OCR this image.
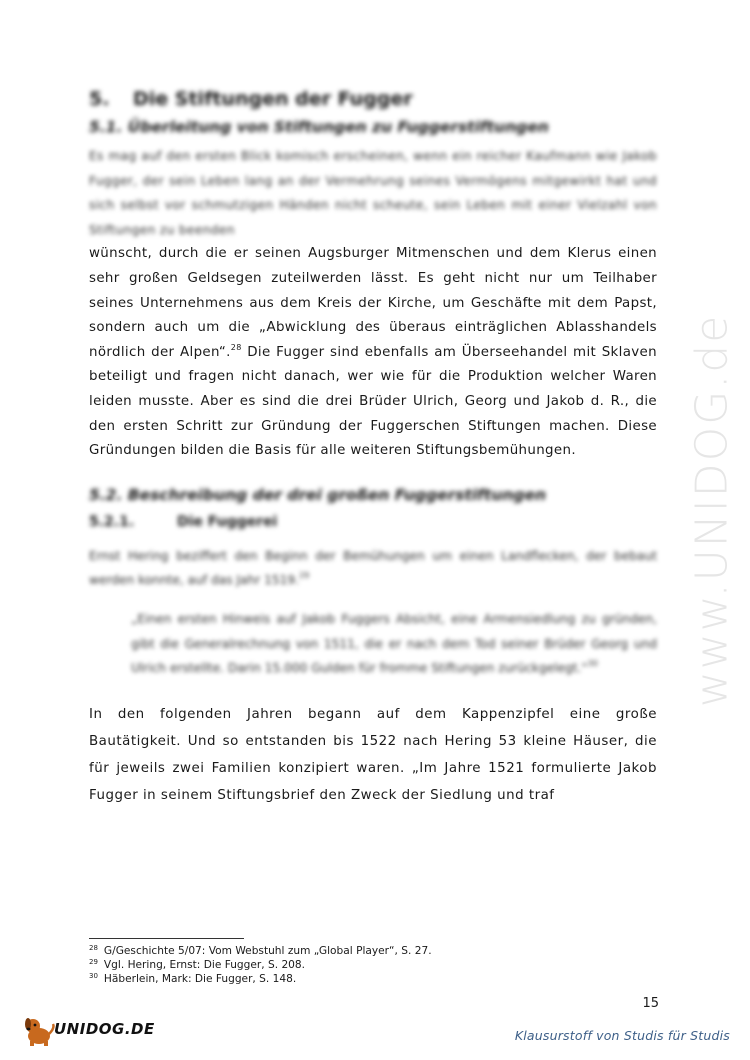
www.UNIDOG.de
5. Die Stiftungen der Fugger
5.1. Überleitung von Stiftungen zu Fuggerstiftungen
Es mag auf den ersten Blick komisch erscheinen, wenn ein reicher Kaufmann wie Jakob Fugger, der sein Leben lang an der Vermehrung seines Vermögens mitgewirkt hat und sich selbst vor schmutzigen Händen nicht scheute, sein Leben mit einer Vielzahl von Stiftungen zu beenden
wünscht, durch die er seinen Augsburger Mitmenschen und dem Klerus einen sehr großen Geldsegen zuteilwerden lässt. Es geht nicht nur um Teilhaber seines Unternehmens aus dem Kreis der Kirche, um Geschäfte mit dem Papst, sondern auch um die „Abwicklung des überaus einträglichen Ablasshandels nördlich der Alpen“.$^{28}$ Die Fugger sind ebenfalls am Überseehandel mit Sklaven beteiligt und fragen nicht danach, wer wie für die Produktion welcher Waren leiden musste. Aber es sind die drei Brüder Ulrich, Georg und Jakob d. R., die den ersten Schritt zur Gründung der Fuggerschen Stiftungen machen. Diese Gründungen bilden die Basis für alle weiteren Stiftungsbemühungen.
5.2. Beschreibung der drei großen Fuggerstiftungen
5.2.1.	Die Fuggerei
Ernst Hering beziffert den Beginn der Bemühungen um einen Landflecken, der bebaut werden konnte, auf das Jahr 1519.29
„Einen ersten Hinweis auf Jakob Fuggers Absicht, eine Armensiedlung zu gründen, gibt die Generalrechnung von 1511, die er nach dem Tod seiner Brüder Georg und Ulrich erstellte. Darin 15.000 Gulden für fromme Stiftungen zurückgelegt.“$^{30}$
In den folgenden Jahren begann auf dem Kappenzipfel eine große Bautätigkeit. Und so entstanden bis 1522 nach Hering 53 kleine Häuser, die für jeweils zwei Familien konzipiert waren. „Im Jahre 1521 formulierte Jakob Fugger in seinem Stiftungsbrief den Zweck der Siedlung und traf
$^{28}$ G/Geschichte 5/07: Vom Webstuhl zum „Global Player“, S. 27.
$^{29}$ Vgl. Hering, Ernst: Die Fugger, S. 208.
$^{30}$ Häberlein, Mark: Die Fugger, S. 148.
15
UNIDOG.DE	Klausurstoff von Studis für Studis
